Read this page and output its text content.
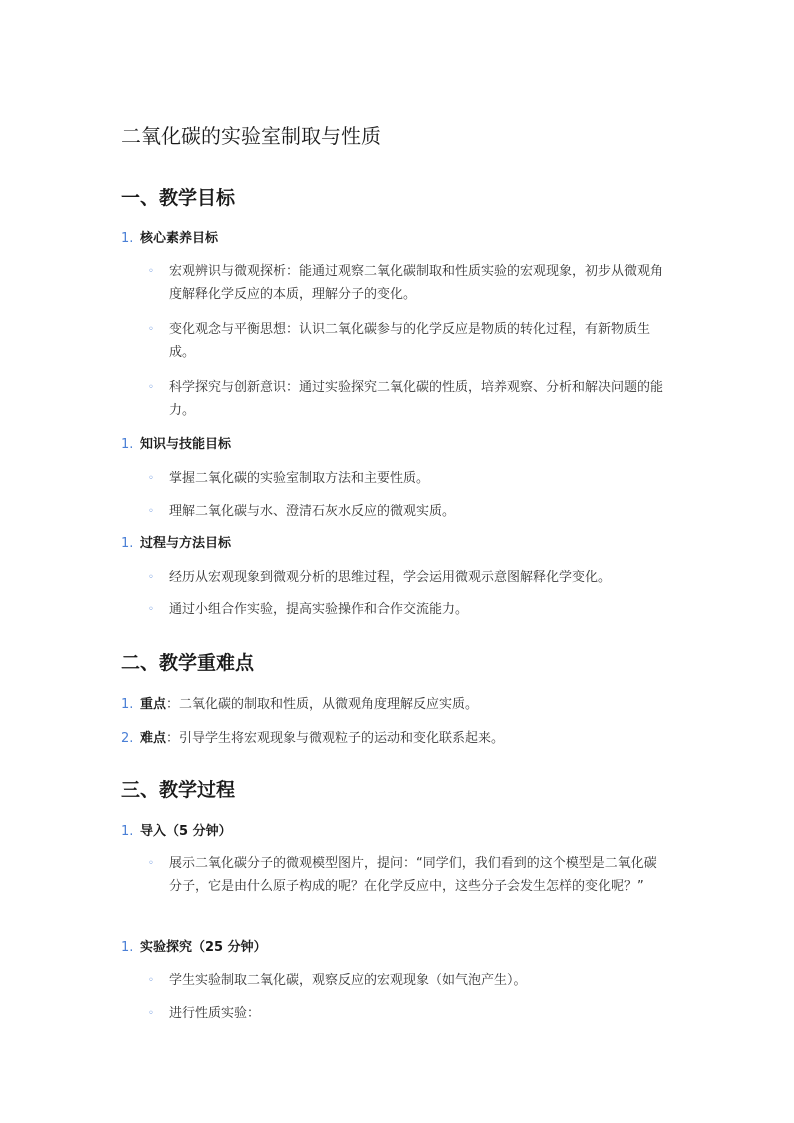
二氧化碳的实验室制取与性质
一、教学目标
1. 核心素养目标
◦ 宏观辨识与微观探析：能通过观察二氧化碳制取和性质实验的宏观现象，初步从微观角度解释化学反应的本质，理解分子的变化。
◦ 变化观念与平衡思想：认识二氧化碳参与的化学反应是物质的转化过程，有新物质生成。
◦ 科学探究与创新意识：通过实验探究二氧化碳的性质，培养观察、分析和解决问题的能力。
1. 知识与技能目标
◦ 掌握二氧化碳的实验室制取方法和主要性质。
◦ 理解二氧化碳与水、澄清石灰水反应的微观实质。
1. 过程与方法目标
◦ 经历从宏观现象到微观分析的思维过程，学会运用微观示意图解释化学变化。
◦ 通过小组合作实验，提高实验操作和合作交流能力。
二、教学重难点
1. 重点：二氧化碳的制取和性质，从微观角度理解反应实质。
2. 难点：引导学生将宏观现象与微观粒子的运动和变化联系起来。
三、教学过程
1. 导入（5 分钟）
◦ 展示二氧化碳分子的微观模型图片，提问：“同学们，我们看到的这个模型是二氧化碳分子，它是由什么原子构成的呢？在化学反应中，这些分子会发生怎样的变化呢？”
1. 实验探究（25 分钟）
◦ 学生实验制取二氧化碳，观察反应的宏观现象（如气泡产生）。
◦ 进行性质实验：
